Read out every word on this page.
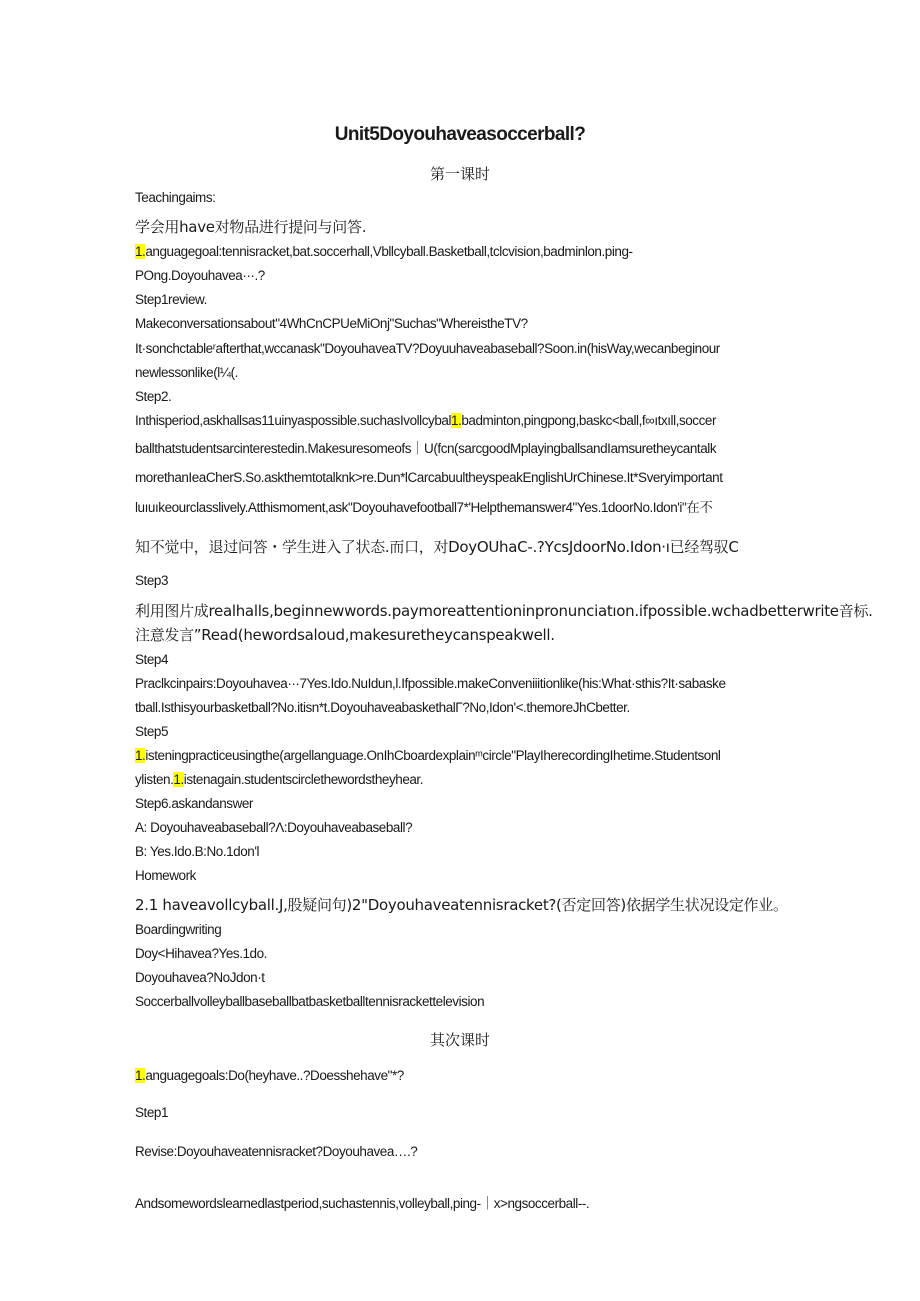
Unit5Doyouhaveasoccerball?
第一课时
Teachingaims:
学会用have对物品进行提问与问答.
1.anguagegoal:tennisracket,bat.soccerhall,Vbllcyball.Basketball,tclcvision,badminlon.ping-
POng.Doyouhavea···.?
Step1review.
Makeconversationsabout"4WhCnCPUeMiOnj"Suchas"WhereistheTV?
It·sonchctableʳafterthat,wccanask"DoyouhaveaTV?Doyuuhaveabaseball?Soon.in(hisWay,wecanbeginour
newlessonlike(l¼(.
Step2.
Inthisperiod,askhallsas11uinyaspossible.suchasIvollcybal1.badminton,pingpong,baskc<ball,f∞ıtxıll,soccer
ballthatstudentsarcinterestedin.Makesuresomeofs｜U(fcn(sarcgoodMplayingballsandIamsuretheycantalk
morethanIeaCherS.So.askthemtotalknk>re.Dun*lCarcabuultheyspeakEnglishUrChinese.It*Sveryimportant
luıuıkeourclasslively.Atthismoment,ask"Doyouhavefootball7*'Helpthemanswer4"Yes.1doorNo.Idon'i"在不
知不觉中，退过问答・学生进入了状态.而口，对DoyOUhaC-.?YcsJdoorNo.Idon·ı已经驾驭C
Step3
利用图片成realhalls,beginnewwords.paymoreattentioninpronunciatıon.ifpossible.wchadbetterwrite音标.
注意发言”Read(hewordsaloud,makesuretheycanspeakwell.
Step4
Praclkcinpairs:Doyouhavea···7Yes.Ido.NuIdun,l.Ifpossible.makeConveniiitionlike(his:What·sthis?It·sabaske
tball.Isthisyourbasketball?No.itisn*t.DoyouhaveabaskethalΓ?No,Idon'<.themoreJhCbetter.
Step5
1.isteningpracticeusingthe(argellanguage.OnIhCboardexplainᵐcircle"PlayIherecordingIhetime.Studentsonl
ylisten.1.istenagain.studentscirclethewordstheyhear.
Step6.askandanswer
A: Doyouhaveabaseball?Λ:Doyouhaveabaseball?
B: Yes.Ido.B:No.1don'l
Homework
2.1 haveavollcyball.J,股疑问句)2"Doyouhaveatennisracket?(否定回答)依据学生状况设定作业。
Boardingwriting
Doy<Hihavea?Yes.1do.
Doyouhavea?NoJdon·t
Soccerballvolleyballbaseballbatbasketballtennisrackettelevision
其次课时
1.anguagegoals:Do(heyhave..?Doesshehave"*?
Step1
Revise:Doyouhaveatennisracket?Doyouhavea….?
Andsomewordslearnedlastperiod,suchastennis,volleyball,ping-｜x>ngsoccerball--.
